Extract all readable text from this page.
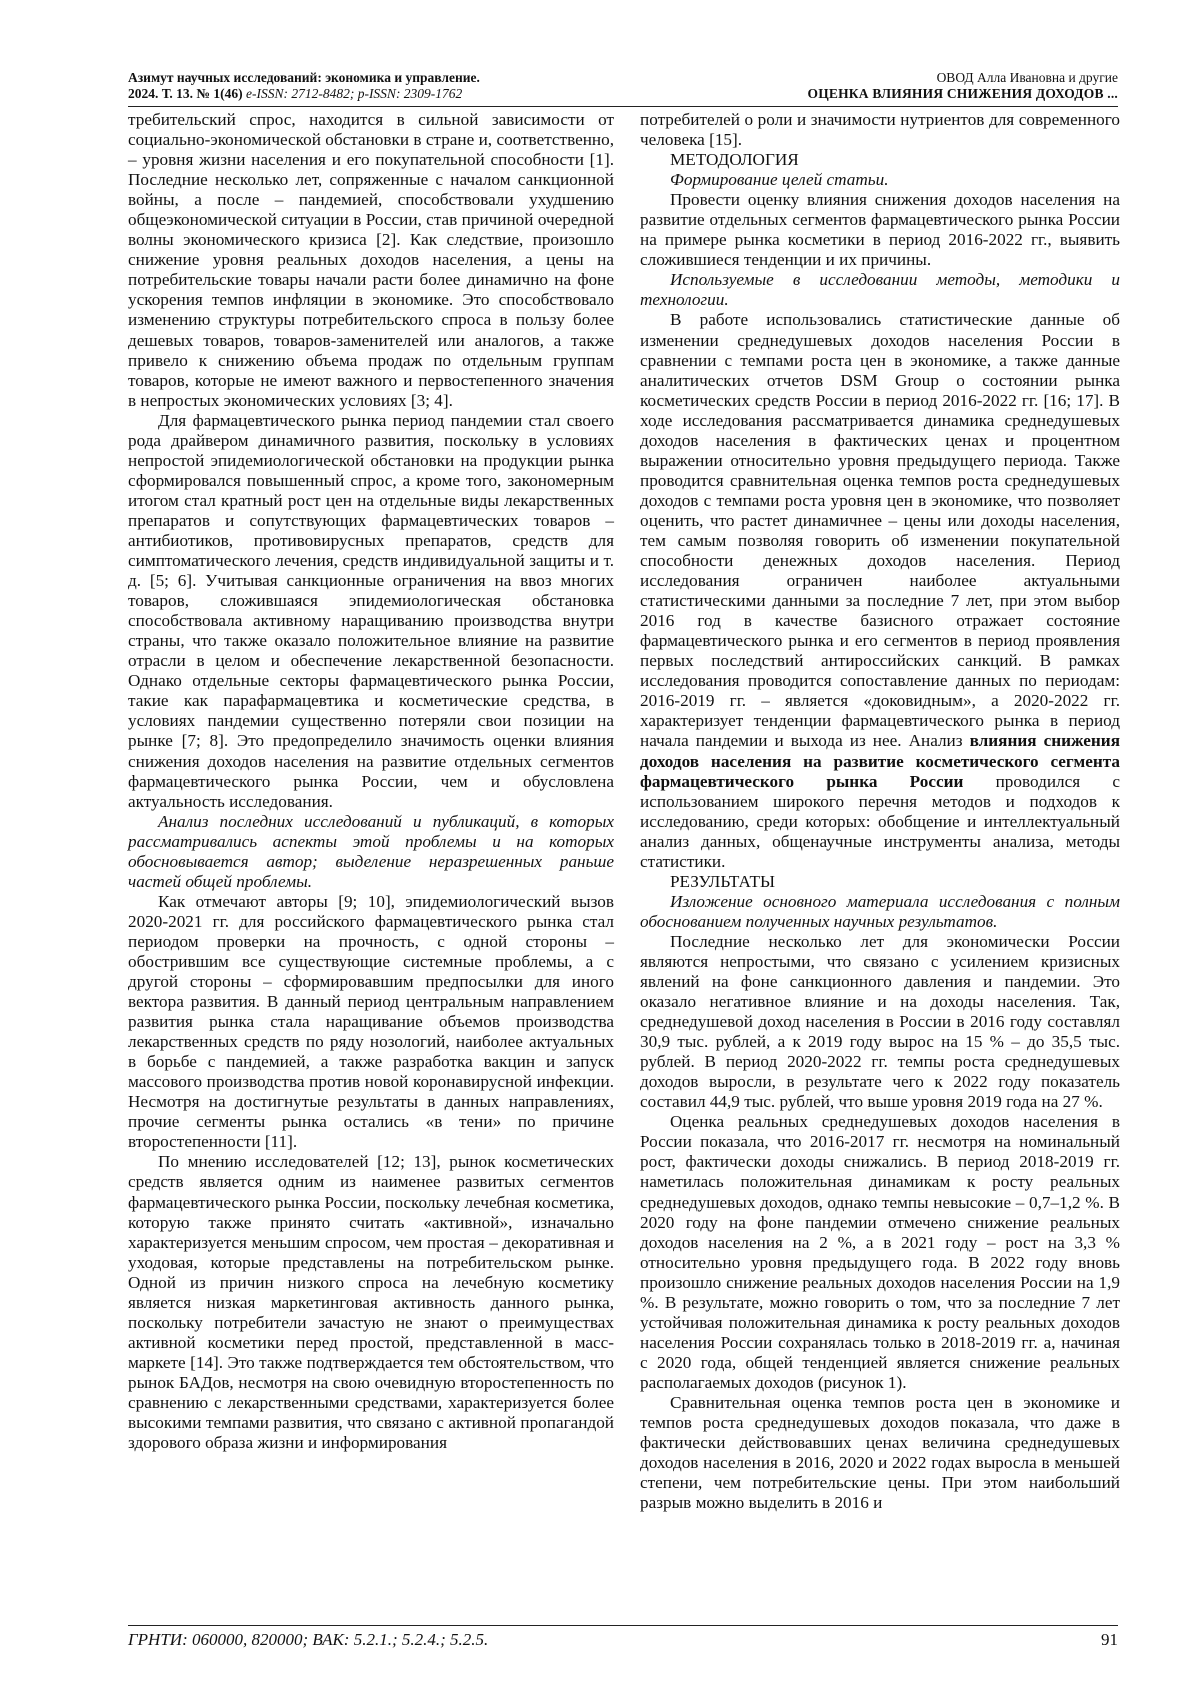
Азимут научных исследований: экономика и управление.
2024. Т. 13. № 1(46) e-ISSN: 2712-8482; p-ISSN: 2309-1762
ОВОД Алла Ивановна и другие
ОЦЕНКА ВЛИЯНИЯ СНИЖЕНИЯ ДОХОДОВ ...

требительский спрос, находится в сильной зависимости от социально-экономической обстановки в стране и, соответственно, – уровня жизни населения и его покупательной способности [1]. Последние несколько лет, сопряженные с началом санкционной войны, а после – пандемией, способствовали ухудшению общеэкономической ситуации в России, став причиной очередной волны экономического кризиса [2]. Как следствие, произошло снижение уровня реальных доходов населения, а цены на потребительские товары начали расти более динамично на фоне ускорения темпов инфляции в экономике. Это способствовало изменению структуры потребительского спроса в пользу более дешевых товаров, товаров-заменителей или аналогов, а также привело к снижению объема продаж по отдельным группам товаров, которые не имеют важного и первостепенного значения в непростых экономических условиях [3; 4].

Для фармацевтического рынка период пандемии стал своего рода драйвером динамичного развития, поскольку в условиях непростой эпидемиологической обстановки на продукции рынка сформировался повышенный спрос, а кроме того, закономерным итогом стал кратный рост цен на отдельные виды лекарственных препаратов и сопутствующих фармацевтических товаров – антибиотиков, противовирусных препаратов, средств для симптоматического лечения, средств индивидуальной защиты и т. д. [5; 6]. Учитывая санкционные ограничения на ввоз многих товаров, сложившаяся эпидемиологическая обстановка способствовала активному наращиванию производства внутри страны, что также оказало положительное влияние на развитие отрасли в целом и обеспечение лекарственной безопасности. Однако отдельные секторы фармацевтического рынка России, такие как парафармацевтика и косметические средства, в условиях пандемии существенно потеряли свои позиции на рынке [7; 8]. Это предопределило значимость оценки влияния снижения доходов населения на развитие отдельных сегментов фармацевтического рынка России, чем и обусловлена актуальность исследования.

Анализ последних исследований и публикаций, в которых рассматривались аспекты этой проблемы и на которых обосновывается автор; выделение неразрешенных раньше частей общей проблемы.

Как отмечают авторы [9; 10], эпидемиологический вызов 2020-2021 гг. для российского фармацевтического рынка стал периодом проверки на прочность, с одной стороны – обострившим все существующие системные проблемы, а с другой стороны – сформировавшим предпосылки для иного вектора развития. В данный период центральным направлением развития рынка стала наращивание объемов производства лекарственных средств по ряду нозологий, наиболее актуальных в борьбе с пандемией, а также разработка вакцин и запуск массового производства против новой коронавирусной инфекции. Несмотря на достигнутые результаты в данных направлениях, прочие сегменты рынка остались «в тени» по причине второстепенности [11].

По мнению исследователей [12; 13], рынок косметических средств является одним из наименее развитых сегментов фармацевтического рынка России, поскольку лечебная косметика, которую также принято считать «активной», изначально характеризуется меньшим спросом, чем простая – декоративная и уходовая, которые представлены на потребительском рынке. Одной из причин низкого спроса на лечебную косметику является низкая маркетинговая активность данного рынка, поскольку потребители зачастую не знают о преимуществах активной косметики перед простой, представленной в масс-маркете [14]. Это также подтверждается тем обстоятельством, что рынок БАДов, несмотря на свою очевидную второстепенность по сравнению с лекарственными средствами, характеризуется более высокими темпами развития, что связано с активной пропагандой здорового образа жизни и информирования

потребителей о роли и значимости нутриентов для современного человека [15].

МЕТОДОЛОГИЯ

Формирование целей статьи.

Провести оценку влияния снижения доходов населения на развитие отдельных сегментов фармацевтического рынка России на примере рынка косметики в период 2016-2022 гг., выявить сложившиеся тенденции и их причины.

Используемые в исследовании методы, методики и технологии.

В работе использовались статистические данные об изменении среднедушевых доходов населения России в сравнении с темпами роста цен в экономике, а также данные аналитических отчетов DSM Group о состоянии рынка косметических средств России в период 2016-2022 гг. [16; 17]. В ходе исследования рассматривается динамика среднедушевых доходов населения в фактических ценах и процентном выражении относительно уровня предыдущего периода. Также проводится сравнительная оценка темпов роста среднедушевых доходов с темпами роста уровня цен в экономике, что позволяет оценить, что растет динамичнее – цены или доходы населения, тем самым позволяя говорить об изменении покупательной способности денежных доходов населения. Период исследования ограничен наиболее актуальными статистическими данными за последние 7 лет, при этом выбор 2016 год в качестве базисного отражает состояние фармацевтического рынка и его сегментов в период проявления первых последствий антироссийских санкций. В рамках исследования проводится сопоставление данных по периодам: 2016-2019 гг. – является «доковидным», а 2020-2022 гг. характеризует тенденции фармацевтического рынка в период начала пандемии и выхода из нее. Анализ влияния снижения доходов населения на развитие косметического сегмента фармацевтического рынка России проводился с использованием широкого перечня методов и подходов к исследованию, среди которых: обобщение и интеллектуальный анализ данных, общенаучные инструменты анализа, методы статистики.

РЕЗУЛЬТАТЫ

Изложение основного материала исследования с полным обоснованием полученных научных результатов.

Последние несколько лет для экономически России являются непростыми, что связано с усилением кризисных явлений на фоне санкционного давления и пандемии. Это оказало негативное влияние и на доходы населения. Так, среднедушевой доход населения в России в 2016 году составлял 30,9 тыс. рублей, а к 2019 году вырос на 15 % – до 35,5 тыс. рублей. В период 2020-2022 гг. темпы роста среднедушевых доходов выросли, в результате чего к 2022 году показатель составил 44,9 тыс. рублей, что выше уровня 2019 года на 27 %.

Оценка реальных среднедушевых доходов населения в России показала, что 2016-2017 гг. несмотря на номинальный рост, фактически доходы снижались. В период 2018-2019 гг. наметилась положительная динамикам к росту реальных среднедушевых доходов, однако темпы невысокие – 0,7–1,2 %. В 2020 году на фоне пандемии отмечено снижение реальных доходов населения на 2 %, а в 2021 году – рост на 3,3 % относительно уровня предыдущего года. В 2022 году вновь произошло снижение реальных доходов населения России на 1,9 %. В результате, можно говорить о том, что за последние 7 лет устойчивая положительная динамика к росту реальных доходов населения России сохранялась только в 2018-2019 гг. а, начиная с 2020 года, общей тенденцией является снижение реальных располагаемых доходов (рисунок 1).

Сравнительная оценка темпов роста цен в экономике и темпов роста среднедушевых доходов показала, что даже в фактически действовавших ценах величина среднедушевых доходов населения в 2016, 2020 и 2022 годах выросла в меньшей степени, чем потребительские цены. При этом наибольший разрыв можно выделить в 2016 и

ГРНТИ: 060000, 820000; ВАК: 5.2.1.; 5.2.4.; 5.2.5.	91
